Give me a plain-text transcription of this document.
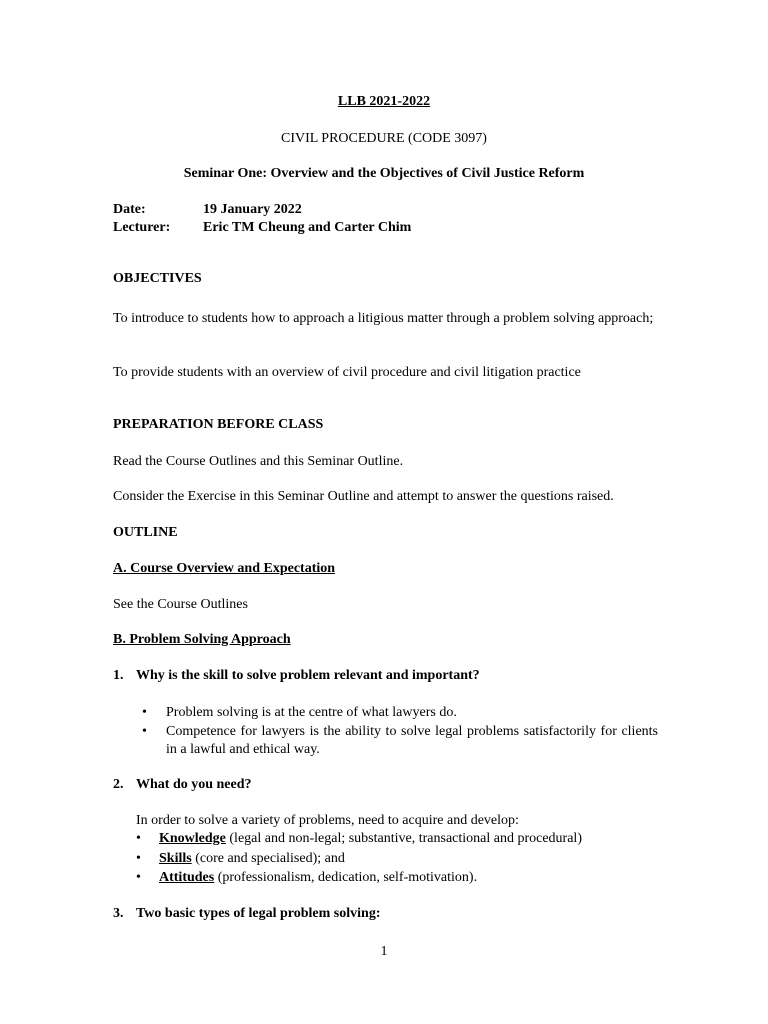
LLB 2021-2022
CIVIL PROCEDURE (CODE 3097)
Seminar One: Overview and the Objectives of Civil Justice Reform
Date:	19 January 2022
Lecturer: Eric TM Cheung and Carter Chim
OBJECTIVES
To introduce to students how to approach a litigious matter through a problem solving approach;
To provide students with an overview of civil procedure and civil litigation practice
PREPARATION BEFORE CLASS
Read the Course Outlines and this Seminar Outline.
Consider the Exercise in this Seminar Outline and attempt to answer the questions raised.
OUTLINE
A. Course Overview and Expectation
See the Course Outlines
B. Problem Solving Approach
1. Why is the skill to solve problem relevant and important?
• Problem solving is at the centre of what lawyers do.
• Competence for lawyers is the ability to solve legal problems satisfactorily for clients in a lawful and ethical way.
2. What do you need?
In order to solve a variety of problems, need to acquire and develop:
• Knowledge (legal and non-legal; substantive, transactional and procedural)
• Skills (core and specialised); and
• Attitudes (professionalism, dedication, self-motivation).
3. Two basic types of legal problem solving:
1
